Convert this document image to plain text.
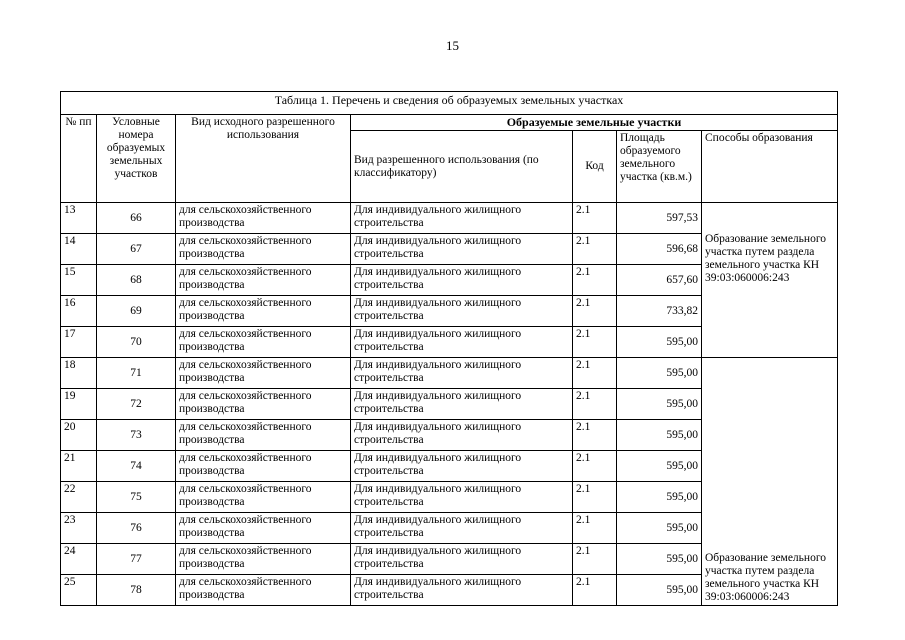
15
Таблица 1. Перечень и сведения об образуемых земельных участках						
№ пп	Условные номера образуемых земельных участков	Вид исходного разрешенного использования	Образуемые земельные участки			
			Вид разрешенного использования (по классификатору)	Код	Площадь образуемого земельного участка (кв.м.)	Способы образования
13	66	для сельскохозяйственного производства	Для индивидуального жилищного строительства	2.1	597,53	Образование земельного участка путем раздела земельного участка КН 39:03:060006:243
14	67	для сельскохозяйственного производства	Для индивидуального жилищного строительства	2.1	596,68	
15	68	для сельскохозяйственного производства	Для индивидуального жилищного строительства	2.1	657,60	
16	69	для сельскохозяйственного производства	Для индивидуального жилищного строительства	2.1	733,82	
17	70	для сельскохозяйственного производства	Для индивидуального жилищного строительства	2.1	595,00	
18	71	для сельскохозяйственного производства	Для индивидуального жилищного строительства	2.1	595,00	Образование земельного участка путем раздела земельного участка КН 39:03:060006:243
19	72	для сельскохозяйственного производства	Для индивидуального жилищного строительства	2.1	595,00	
20	73	для сельскохозяйственного производства	Для индивидуального жилищного строительства	2.1	595,00	
21	74	для сельскохозяйственного производства	Для индивидуального жилищного строительства	2.1	595,00	
22	75	для сельскохозяйственного производства	Для индивидуального жилищного строительства	2.1	595,00	
23	76	для сельскохозяйственного производства	Для индивидуального жилищного строительства	2.1	595,00	
24	77	для сельскохозяйственного производства	Для индивидуального жилищного строительства	2.1	595,00	
25	78	для сельскохозяйственного производства	Для индивидуального жилищного строительства	2.1	595,00	
